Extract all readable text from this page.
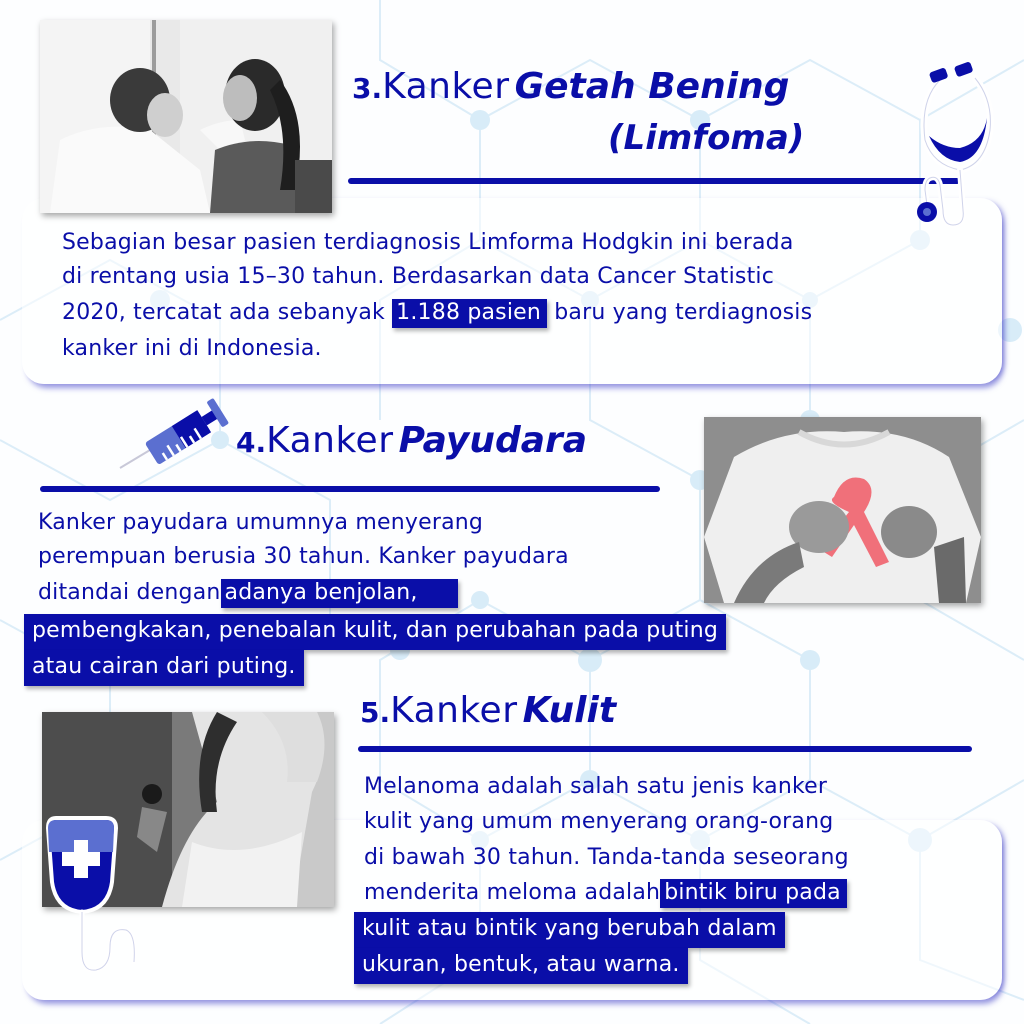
3.Kanker Getah Bening
(Limfoma)
Sebagian besar pasien terdiagnosis Limforma Hodgkin ini berada
di rentang usia 15–30 tahun. Berdasarkan data Cancer Statistic
2020, tercatat ada sebanyak 1.188 pasien baru yang terdiagnosis
kanker ini di Indonesia.
4.Kanker Payudara
Kanker payudara umumnya menyerang
perempuan berusia 30 tahun. Kanker payudara
ditandai dengan adanya benjolan,
pembengkakan, penebalan kulit, dan perubahan pada puting
atau cairan dari puting.
5.Kanker Kulit
Melanoma adalah salah satu jenis kanker
kulit yang umum menyerang orang-orang
di bawah 30 tahun. Tanda-tanda seseorang
menderita meloma adalah bintik biru pada
kulit atau bintik yang berubah dalam
ukuran, bentuk, atau warna.
